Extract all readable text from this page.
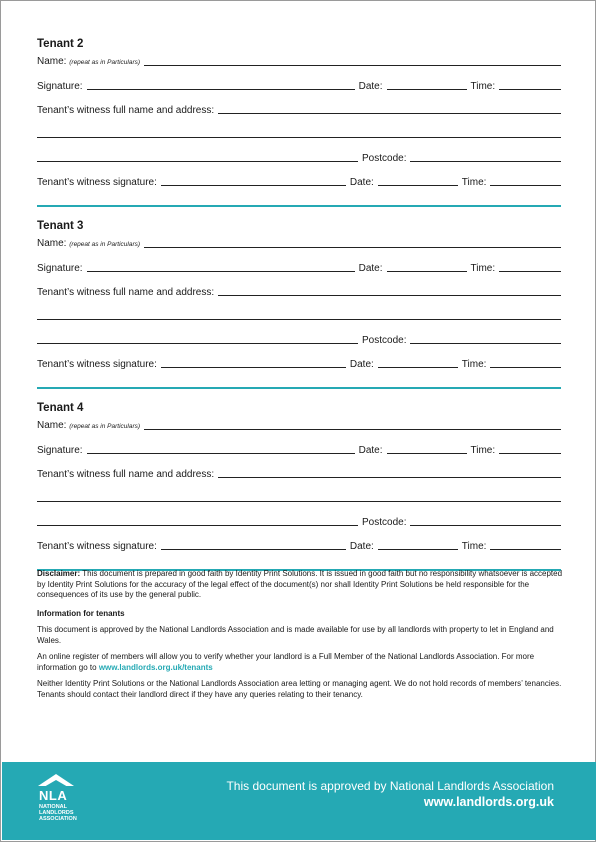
Tenant 2
Name: (repeat as in Particulars)
Signature:	Date:	Time:
Tenant’s witness full name and address:
Postcode:
Tenant’s witness signature:	Date:	Time:
Tenant 3
Name: (repeat as in Particulars)
Signature:	Date:	Time:
Tenant’s witness full name and address:
Postcode:
Tenant’s witness signature:	Date:	Time:
Tenant 4
Name: (repeat as in Particulars)
Signature:	Date:	Time:
Tenant’s witness full name and address:
Postcode:
Tenant’s witness signature:	Date:	Time:

Disclaimer: This document is prepared in good faith by Identity Print Solutions. It is issued in good faith but no responsibility whatsoever is accepted by Identity Print Solutions for the accuracy of the legal effect of the document(s) nor shall Identity Print Solutions be held responsible for the consequences of its use by the general public.

Information for tenants

This document is approved by the National Landlords Association and is made available for use by all landlords with property to let in England and Wales.

An online register of members will allow you to verify whether your landlord is a Full Member of the National Landlords Association. For more information go to www.landlords.org.uk/tenants

Neither Identity Print Solutions or the National Landlords Association area letting or managing agent. We do not hold records of members’ tenancies. Tenants should contact their landlord direct if they have any queries relating to their tenancy.

NLA
NATIONAL
LANDLORDS
ASSOCIATION
This document is approved by National Landlords Association
www.landlords.org.uk
